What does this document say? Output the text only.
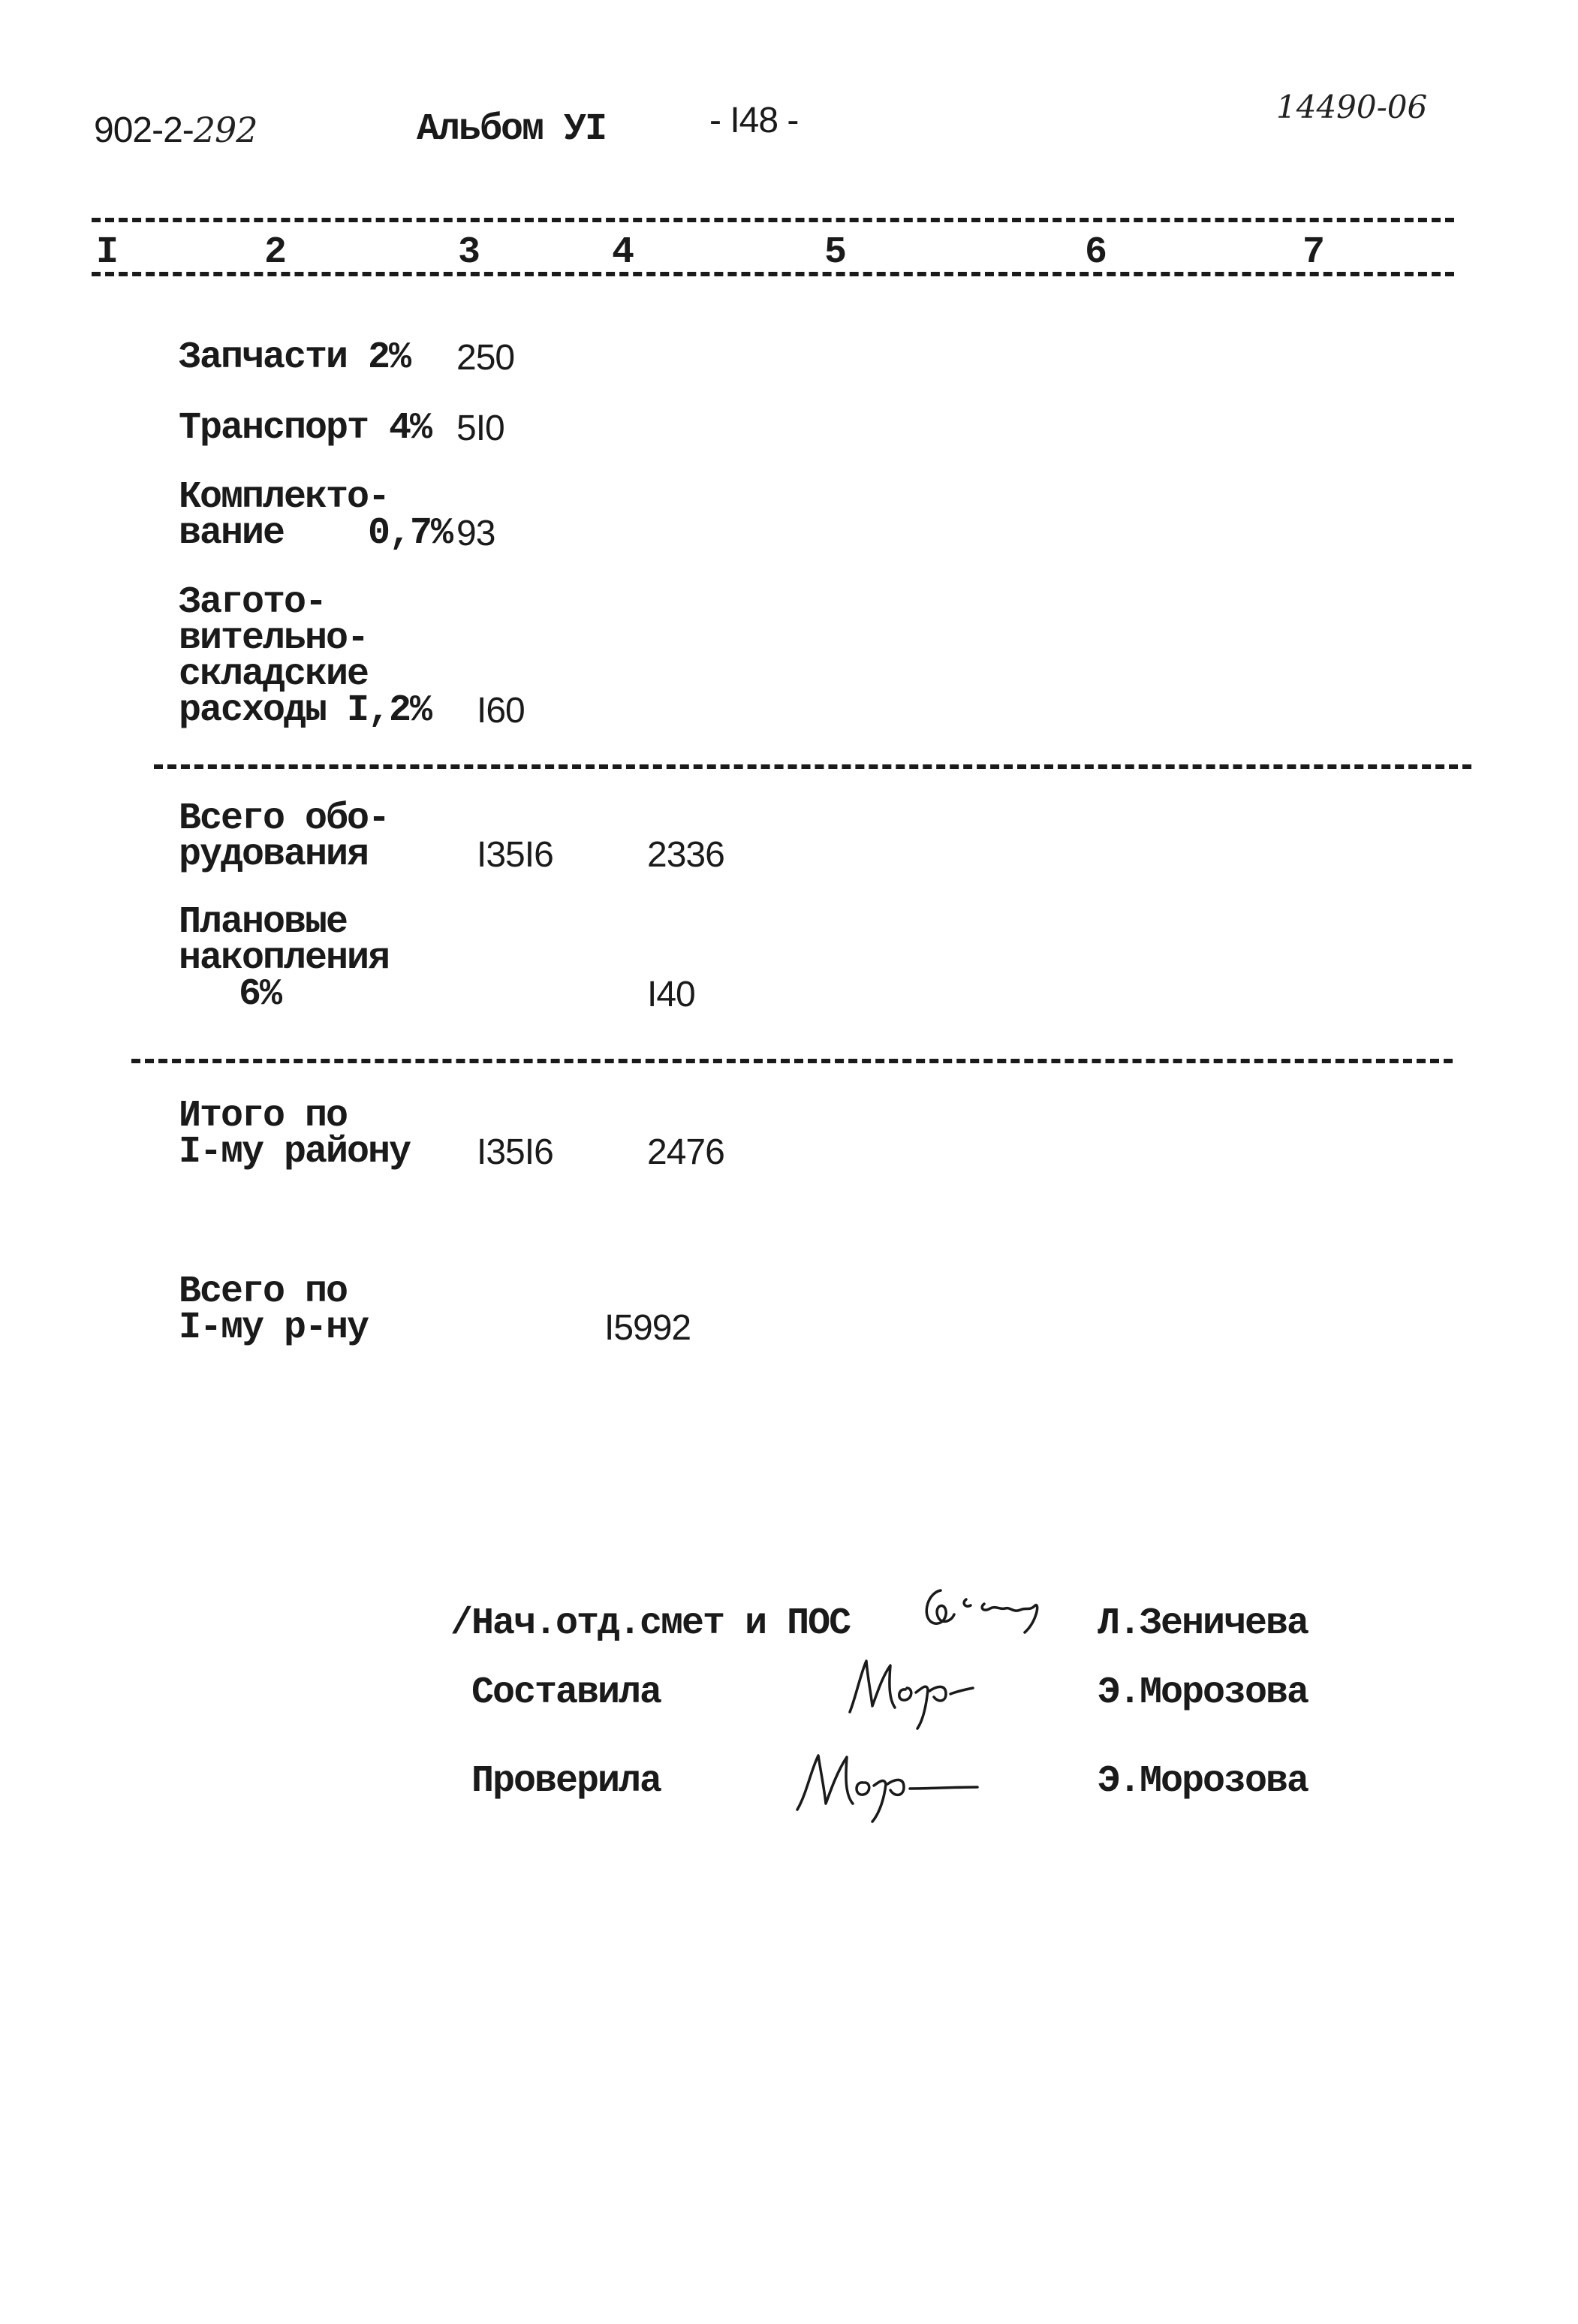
902-2-292	Альбом УI	- I48 -	14490-06
I	2	3	4	5	6	7
Запчасти 2% 250
Транспорт 4% 5I0
Комплекто-
вание 0,7% 93
Загото-
вительно-
складские
расходы I,2% I60
Всего обо-
рудования	I35I6	2336
Плановые
накопления
6%	I40
Итого по
I-му району I35I6	2476
Всего по
I-му р-ну	I5992
/Нач.отд.смет и ПОС	Л.Зеничева
Составила	Э.Морозова
Проверила	Э.Морозова
